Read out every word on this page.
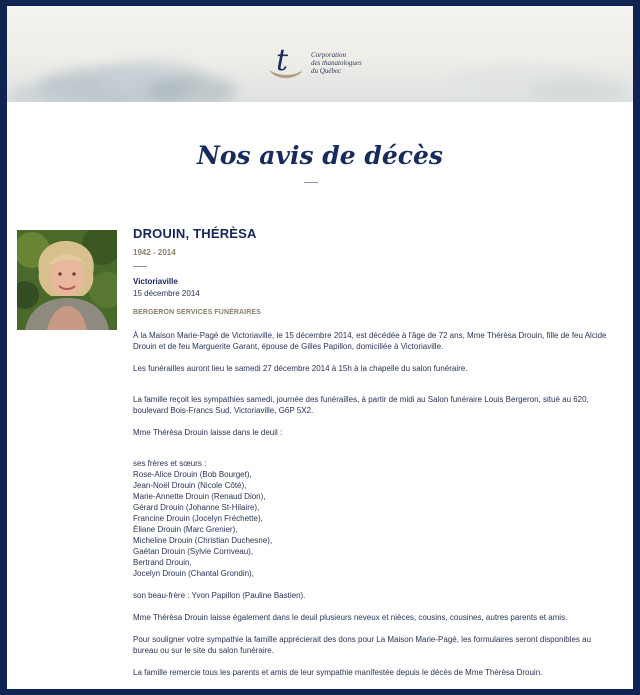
t	Corporation
des thanatologues
du Québec
Nos avis de décès
DROUIN, THÉRÈSA
1942 - 2014
Victoriaville
15 décembre 2014
BERGERON SERVICES FUNÉRAIRES

À la Maison Marie-Pagé de Victoriaville, le 15 décembre 2014, est décédée à l'âge de 72 ans, Mme Thérèsa Drouin, fille de feu Alcide Drouin et de feu Marguerite Garant, épouse de Gilles Papillon, domiciliée à Victoriaville.

Les funérailles auront lieu le samedi 27 décembre 2014 à 15h à la chapelle du salon funéraire.

La famille reçoit les sympathies samedi, journée des funérailles, à partir de midi au Salon funéraire Louis Bergeron, situé au 620, boulevard Bois-Francs Sud, Victoriaville, G6P 5X2.

Mme Thérèsa Drouin laisse dans le deuil :

ses frères et sœurs :

Rose-Alice Drouin (Bob Bourget),

Jean-Noël Drouin (Nicole Côté),

Marie-Annette Drouin (Renaud Dion),

Gérard Drouin (Johanne St-Hilaire),

Francine Drouin (Jocelyn Fréchette),

Éliane Drouin (Marc Grenier),

Micheline Drouin (Christian Duchesne),

Gaétan Drouin (Sylvie Corriveau),

Bertrand Drouin,

Jocelyn Drouin (Chantal Grondin),

son beau-frère : Yvon Papillon (Pauline Bastien).

Mme Thérèsa Drouin laisse également dans le deuil plusieurs neveux et nièces, cousins, cousines, autres parents et amis.

Pour souligner votre sympathie la famille apprécierait des dons pour La Maison Marie-Pagé, les formulaires seront disponibles au bureau ou sur le site du salon funéraire.

La famille remercie tous les parents et amis de leur sympathie manifestée depuis le décès de Mme Thérèsa Drouin.
